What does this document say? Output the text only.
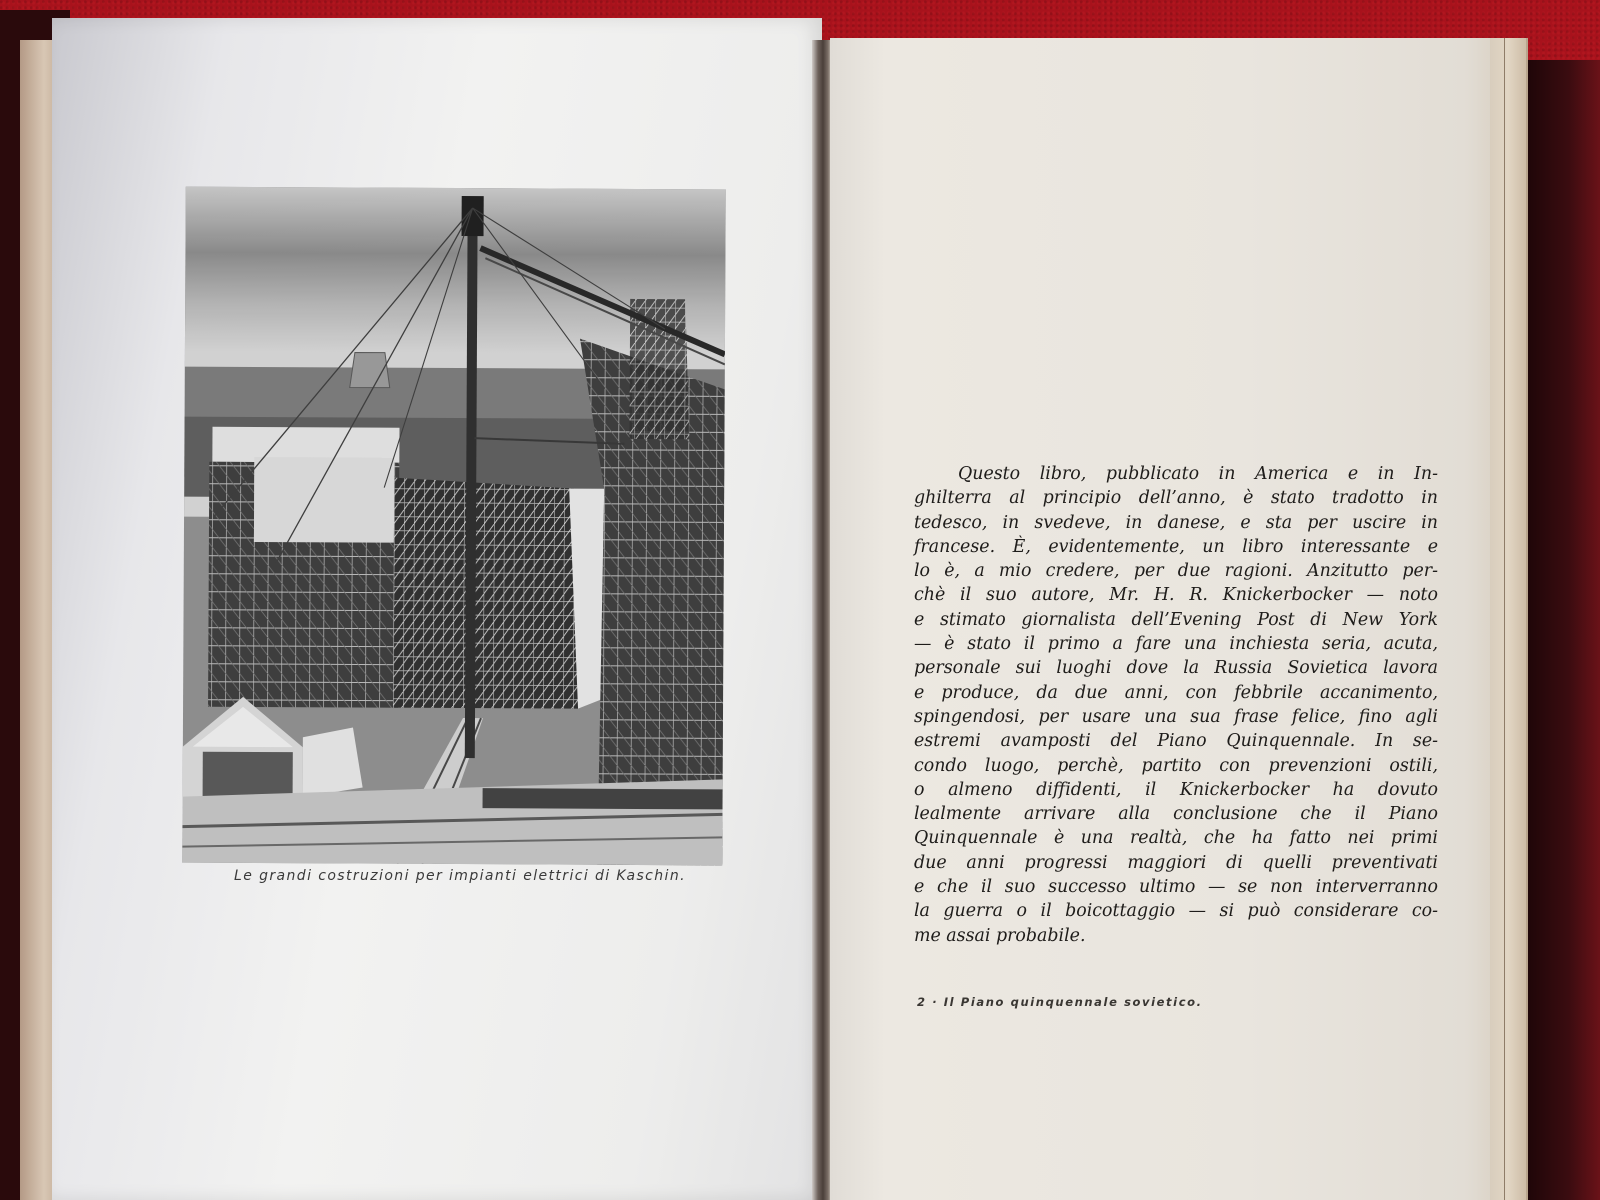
Le grandi costruzioni per impianti elettrici di Kaschin.
Questo libro, pubblicato in America e in In-
ghilterra al principio dell’anno, è stato tradotto in
tedesco, in svedeve, in danese, e sta per uscire in
francese. È, evidentemente, un libro interessante e
lo è, a mio credere, per due ragioni. Anzitutto per-
chè il suo autore, Mr. H. R. Knickerbocker — noto
e stimato giornalista dell’Evening Post di New York
— è stato il primo a fare una inchiesta seria, acuta,
personale sui luoghi dove la Russia Sovietica lavora
e produce, da due anni, con febbrile accanimento,
spingendosi, per usare una sua frase felice, fino agli
estremi avamposti del Piano Quinquennale. In se-
condo luogo, perchè, partito con prevenzioni ostili,
o almeno diffidenti, il Knickerbocker ha dovuto
lealmente arrivare alla conclusione che il Piano
Quinquennale è una realtà, che ha fatto nei primi
due anni progressi maggiori di quelli preventivati
e che il suo successo ultimo — se non interverranno
la guerra o il boicottaggio — si può considerare co-
me assai probabile.
2 · Il Piano quinquennale sovietico.
